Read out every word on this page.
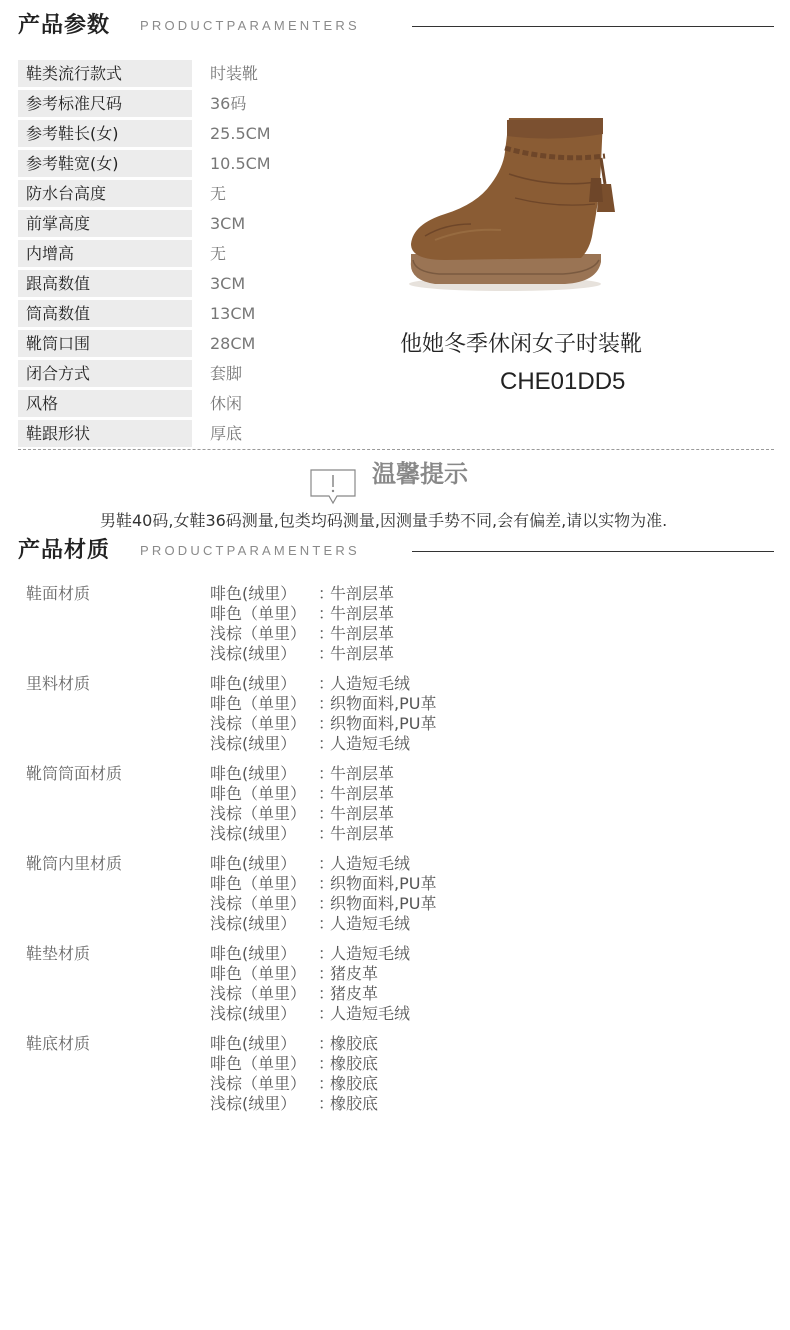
产品参数 PRODUCTPARAMENTERS
鞋类流行款式	时装靴
参考标准尺码	36码
参考鞋长(女)	25.5CM
参考鞋宽(女)	10.5CM
防水台高度	无
前掌高度	3CM
内增高	无
跟高数值	3CM
筒高数值	13CM
靴筒口围	28CM
闭合方式	套脚
风格	休闲
鞋跟形状	厚底
他她冬季休闲女子时装靴
CHE01DD5
温馨提示
男鞋40码,女鞋36码测量,包类均码测量,因测量手势不同,会有偏差,请以实物为准.
产品材质 PRODUCTPARAMENTERS
鞋面材质	啡色(绒里） ：牛剖层革
啡色（单里） ：牛剖层革
浅棕（单里） ：牛剖层革
浅棕(绒里） ：牛剖层革
里料材质	啡色(绒里） ：人造短毛绒
啡色（单里） ：织物面料,PU革
浅棕（单里） ：织物面料,PU革
浅棕(绒里） ：人造短毛绒
靴筒筒面材质	啡色(绒里） ：牛剖层革
啡色（单里） ：牛剖层革
浅棕（单里） ：牛剖层革
浅棕(绒里） ：牛剖层革
靴筒内里材质	啡色(绒里） ：人造短毛绒
啡色（单里） ：织物面料,PU革
浅棕（单里） ：织物面料,PU革
浅棕(绒里） ：人造短毛绒
鞋垫材质	啡色(绒里） ：人造短毛绒
啡色（单里） ：猪皮革
浅棕（单里） ：猪皮革
浅棕(绒里） ：人造短毛绒
鞋底材质	啡色(绒里） ：橡胶底
啡色（单里） ：橡胶底
浅棕（单里） ：橡胶底
浅棕(绒里） ：橡胶底
